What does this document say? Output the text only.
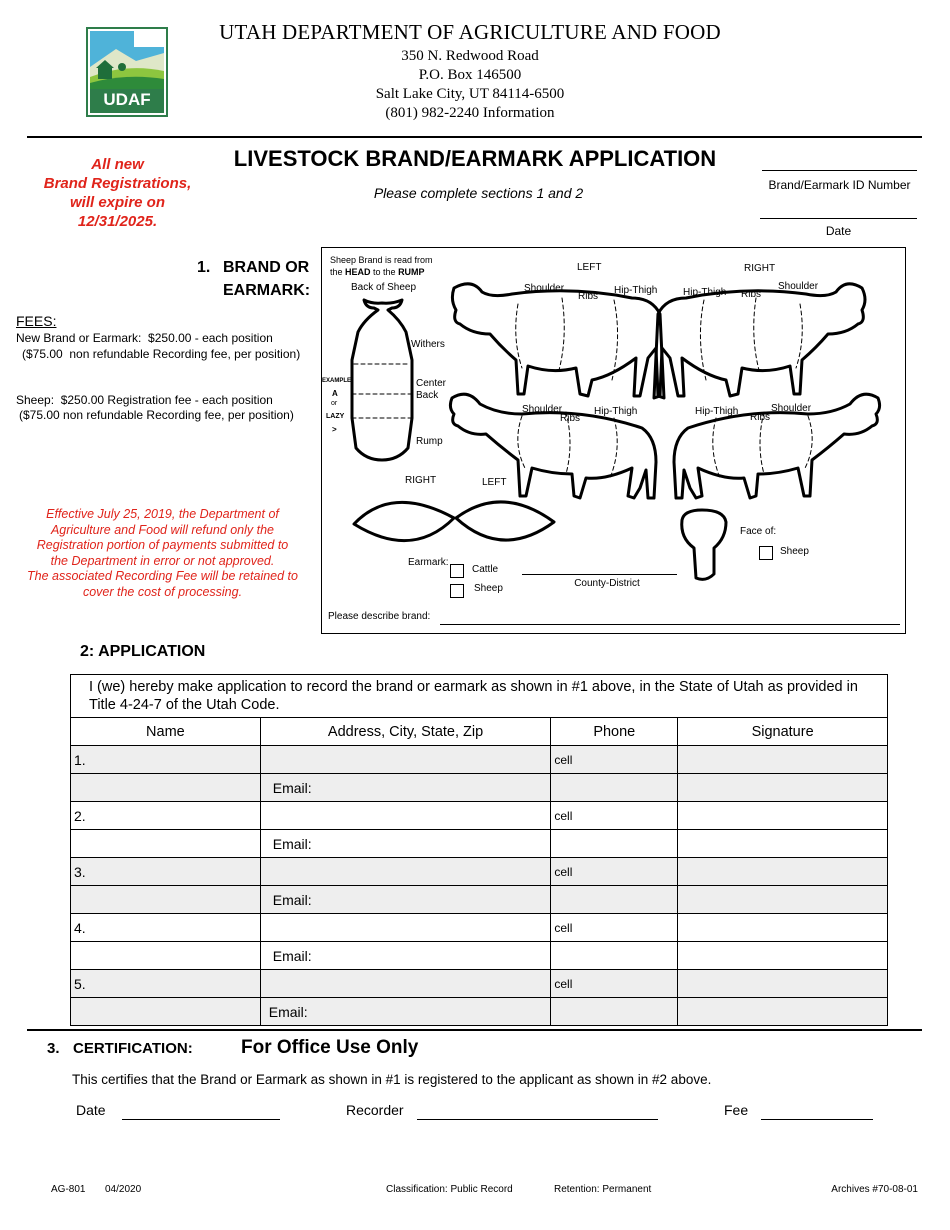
UDAF
UTAH DEPARTMENT OF AGRICULTURE AND FOOD
350 N. Redwood Road
P.O. Box 146500
Salt Lake City, UT 84114-6500
(801) 982-2240 Information
All new
Brand Registrations,
will expire on
12/31/2025.
LIVESTOCK BRAND/EARMARK APPLICATION
Please complete sections 1 and 2	Brand/Earmark ID Number
Date
1. BRAND OR
EARMARK:
FEES:
New Brand or Earmark:  $250.00 - each position
($75.00  non refundable Recording fee, per position)
Sheep:  $250.00 Registration fee - each position
($75.00 non refundable Recording fee, per position)
Effective July 25, 2019, the Department of
Agriculture and Food will refund only the
Registration portion of payments submitted to
the Department in error or not approved.
The associated Recording Fee will be retained to
cover the cost of processing.
Sheep Brand is read from
the HEAD to the RUMP
Back of Sheep
Withers
Center
Back
Rump
EXAMPLE
A
or
LAZY
>
LEFT	RIGHT
Shoulder
Ribs
Hip-Thigh	Hip-Thigh Ribs
Shoulder
Shoulder
Ribs
Hip-Thigh	Hip-Thigh
Ribs
Shoulder
RIGHT	LEFT
Earmark:
Cattle
Sheep	County-District
Face of:
Sheep
Please describe brand:
2: APPLICATION
I (we) hereby make application to record the brand or earmark as shown in #1 above, in the State of Utah as provided in Title 4-24-7 of the Utah Code.			
Name	Address, City, State, Zip	Phone	Signature
1.		cell	
	Email:		
2.		cell	
	Email:		
3.		cell	
	Email:		
4.		cell	
	Email:		
5.		cell	
	Email:		
3. CERTIFICATION:	For Office Use Only
This certifies that the Brand or Earmark as shown in #1 is registered to the applicant as shown in #2 above.
Date	Recorder	Fee
AG-801 04/2020	Classification: Public Record	Retention: Permanent	Archives #70-08-01
